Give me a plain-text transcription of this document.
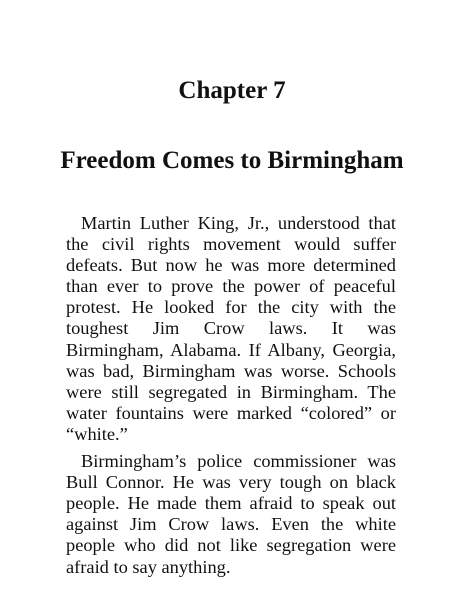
Chapter 7
Freedom Comes to Birmingham

Martin Luther King, Jr., understood that the civil rights movement would suffer defeats. But now he was more determined than ever to prove the power of peaceful protest. He looked for the city with the toughest Jim Crow laws. It was Birmingham, Alabama. If Albany, Georgia, was bad, Birmingham was worse. Schools were still segregated in Birmingham. The water fountains were marked “colored” or “white.”

Birmingham’s police commissioner was Bull Connor. He was very tough on black people. He made them afraid to speak out against Jim Crow laws. Even the white people who did not like segregation were afraid to say anything.
